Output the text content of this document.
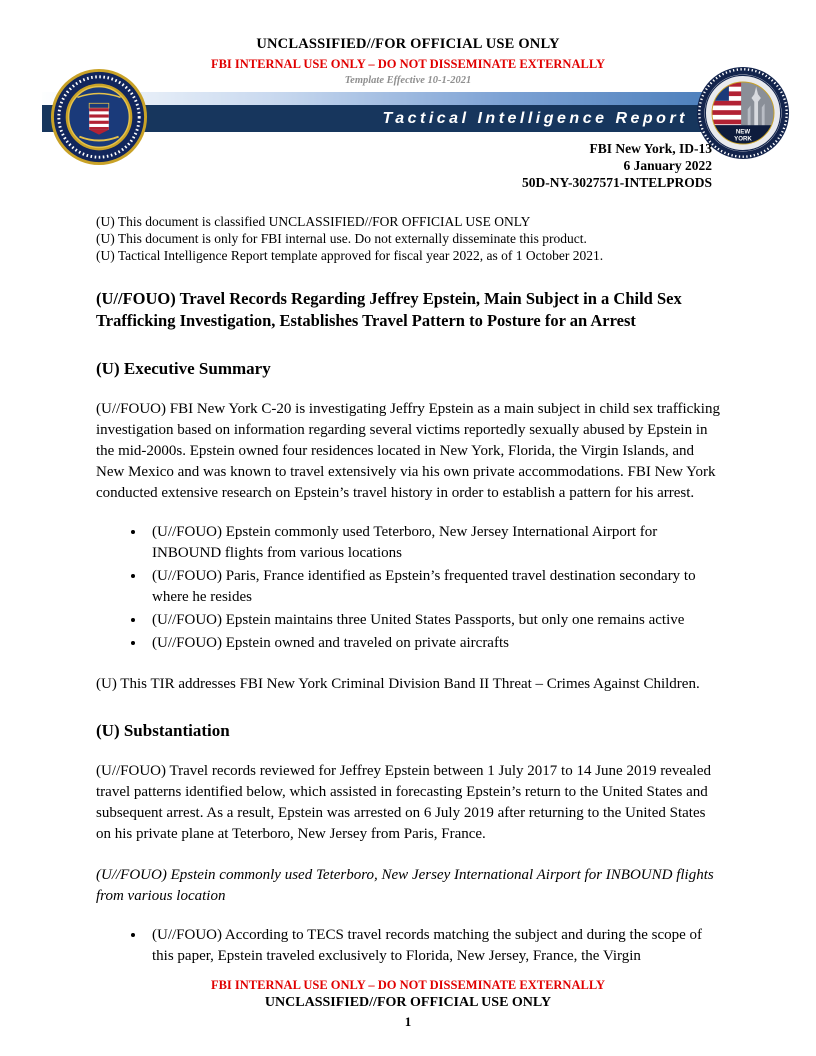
UNCLASSIFIED//FOR OFFICIAL USE ONLY
FBI INTERNAL USE ONLY – DO NOT DISSEMINATE EXTERNALLY
Template Effective 10-1-2021
Tactical Intelligence Report
NEW
YORK
FBI New York, ID-13
6 January 2022
50D-NY-3027571-INTELPRODS
(U) This document is classified UNCLASSIFIED//FOR OFFICIAL USE ONLY
(U) This document is only for FBI internal use. Do not externally disseminate this product.
(U) Tactical Intelligence Report template approved for fiscal year 2022, as of 1 October 2021.
(U//FOUO) Travel Records Regarding Jeffrey Epstein, Main Subject in a Child Sex Trafficking Investigation, Establishes Travel Pattern to Posture for an Arrest
(U) Executive Summary
(U//FOUO) FBI New York C-20 is investigating Jeffry Epstein as a main subject in child sex trafficking investigation based on information regarding several victims reportedly sexually abused by Epstein in the mid-2000s. Epstein owned four residences located in New York, Florida, the Virgin Islands, and New Mexico and was known to travel extensively via his own private accommodations. FBI New York conducted extensive research on Epstein’s travel history in order to establish a pattern for his arrest.
• (U//FOUO) Epstein commonly used Teterboro, New Jersey International Airport for INBOUND flights from various locations
• (U//FOUO) Paris, France identified as Epstein’s frequented travel destination secondary to where he resides
• (U//FOUO) Epstein maintains three United States Passports, but only one remains active
• (U//FOUO) Epstein owned and traveled on private aircrafts
(U) This TIR addresses FBI New York Criminal Division Band II Threat – Crimes Against Children.
(U) Substantiation
(U//FOUO) Travel records reviewed for Jeffrey Epstein between 1 July 2017 to 14 June 2019 revealed travel patterns identified below, which assisted in forecasting Epstein’s return to the United States and subsequent arrest. As a result, Epstein was arrested on 6 July 2019 after returning to the United States on his private plane at Teterboro, New Jersey from Paris, France.
(U//FOUO) Epstein commonly used Teterboro, New Jersey International Airport for INBOUND flights from various location
• (U//FOUO) According to TECS travel records matching the subject and during the scope of this paper, Epstein traveled exclusively to Florida, New Jersey, France, the Virgin
FBI INTERNAL USE ONLY – DO NOT DISSEMINATE EXTERNALLY
UNCLASSIFIED//FOR OFFICIAL USE ONLY
1
